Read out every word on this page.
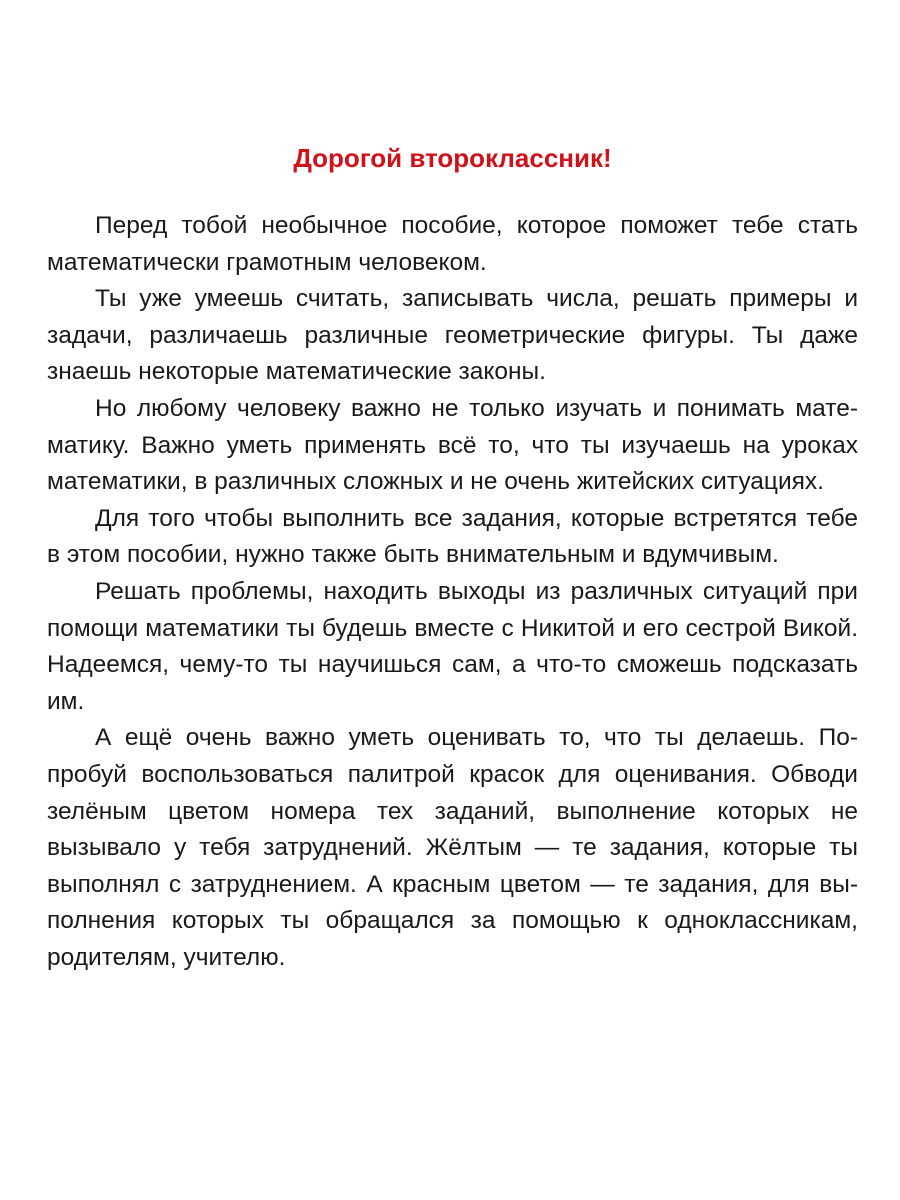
Дорогой второклассник!

Перед тобой необычное пособие, которое поможет тебе стать математически грамотным человеком.

Ты уже умеешь считать, записывать числа, решать примеры и задачи, различаешь различные геометрические фигуры. Ты даже знаешь некоторые математические законы.

Но любому человеку важно не только изучать и понимать математику. Важно уметь применять всё то, что ты изучаешь на уроках математики, в различных сложных и не очень житейских ситуациях.

Для того чтобы выполнить все задания, которые встретятся тебе в этом пособии, нужно также быть внимательным и вдумчивым.

Решать проблемы, находить выходы из различных ситуаций при помощи математики ты будешь вместе с Никитой и его сестрой Викой. Надеемся, чему-то ты научишься сам, а что-то сможешь подсказать им.

А ещё очень важно уметь оценивать то, что ты делаешь. Попробуй воспользоваться палитрой красок для оценивания. Обводи зелёным цветом номера тех заданий, выполнение которых не вызывало у тебя затруднений. Жёлтым — те задания, которые ты выполнял с затруднением. А красным цветом — те задания, для выполнения которых ты обращался за помощью к одноклассникам, родителям, учителю.
